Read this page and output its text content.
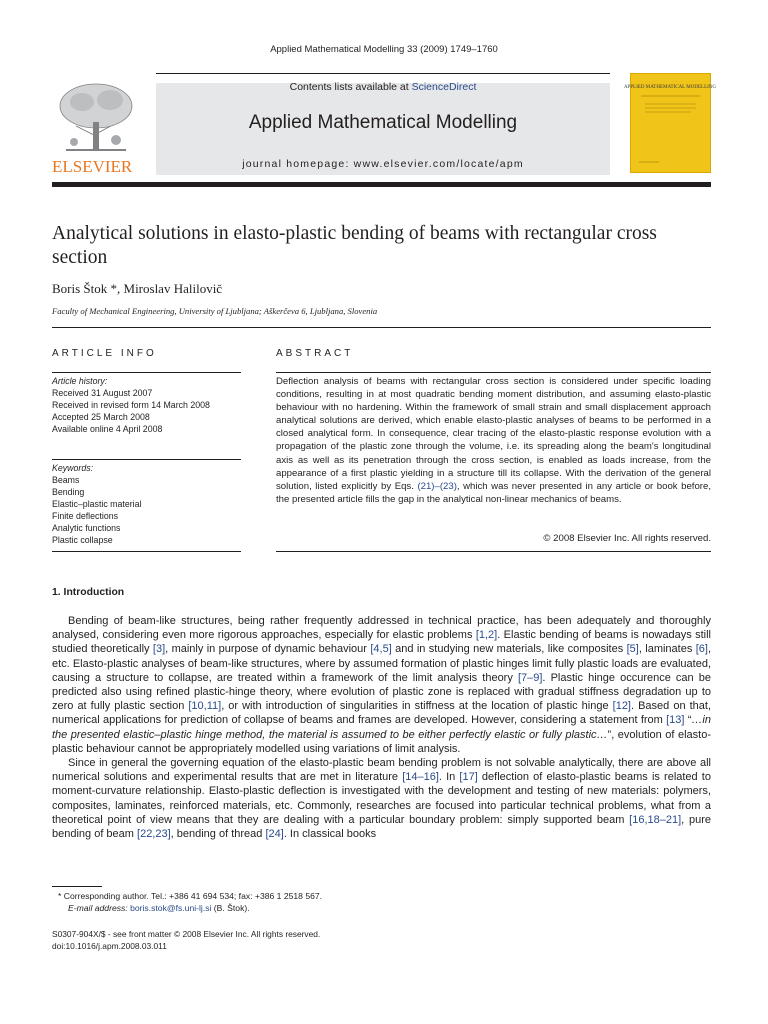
Applied Mathematical Modelling 33 (2009) 1749–1760
ELSEVIER
Contents lists available at ScienceDirect
Applied Mathematical Modelling
journal homepage: www.elsevier.com/locate/apm
APPLIED MATHEMATICAL MODELLING
Analytical solutions in elasto-plastic bending of beams with rectangular cross section
Boris Štok *, Miroslav Halilovič
Faculty of Mechanical Engineering, University of Ljubljana; Aškerčeva 6, Ljubljana, Slovenia
ARTICLE INFO
Article history:
Received 31 August 2007
Received in revised form 14 March 2008
Accepted 25 March 2008
Available online 4 April 2008
Keywords:
Beams
Bending
Elastic–plastic material
Finite deflections
Analytic functions
Plastic collapse
ABSTRACT
Deflection analysis of beams with rectangular cross section is considered under specific loading conditions, resulting in at most quadratic bending moment distribution, and assuming elasto-plastic behaviour with no hardening. Within the framework of small strain and small displacement approach analytical solutions are derived, which enable elasto-plastic analyses of beams to be performed in a closed analytical form. In consequence, clear tracing of the elasto-plastic response evolution with a propagation of the plastic zone through the volume, i.e. its spreading along the beam's longitudinal axis as well as its penetration through the cross section, is enabled as loads increase, from the appearance of a first plastic yielding in a structure till its collapse. With the derivation of the general solution, listed explicitly by Eqs. (21)–(23), which was never presented in any article or book before, the presented article fills the gap in the analytical non-linear mechanics of beams.
© 2008 Elsevier Inc. All rights reserved.
1. Introduction

Bending of beam-like structures, being rather frequently addressed in technical practice, has been adequately and thoroughly analysed, considering even more rigorous approaches, especially for elastic problems [1,2]. Elastic bending of beams is nowadays still studied theoretically [3], mainly in purpose of dynamic behaviour [4,5] and in studying new materials, like composites [5], laminates [6], etc. Elasto-plastic analyses of beam-like structures, where by assumed formation of plastic hinges limit fully plastic loads are evaluated, causing a structure to collapse, are treated within a framework of the limit analysis theory [7–9]. Plastic hinge occurence can be predicted also using refined plastic-hinge theory, where evolution of plastic zone is replaced with gradual stiffness degradation up to zero at fully plastic section [10,11], or with introduction of singularities in stiffness at the location of plastic hinge [12]. Based on that, numerical applications for prediction of collapse of beams and frames are developed. However, considering a statement from [13] “…in the presented elastic–plastic hinge method, the material is assumed to be either perfectly elastic or fully plastic…”, evolution of elasto-plastic behaviour cannot be appropriately modelled using variations of limit analysis.

Since in general the governing equation of the elasto-plastic beam bending problem is not solvable analytically, there are above all numerical solutions and experimental results that are met in literature [14–16]. In [17] deflection of elasto-plastic beams is related to moment-curvature relationship. Elasto-plastic deflection is investigated with the development and testing of new materials: polymers, composites, laminates, reinforced materials, etc. Commonly, researches are focused into particular technical problems, what from a theoretical point of view means that they are dealing with a particular boundary problem: simply supported beam [16,18–21], pure bending of beam [22,23], bending of thread [24]. In classical books

* Corresponding author. Tel.: +386 41 694 534; fax: +386 1 2518 567.
E-mail address: boris.stok@fs.uni-lj.si (B. Štok).
S0307-904X/$ - see front matter © 2008 Elsevier Inc. All rights reserved.
doi:10.1016/j.apm.2008.03.011
